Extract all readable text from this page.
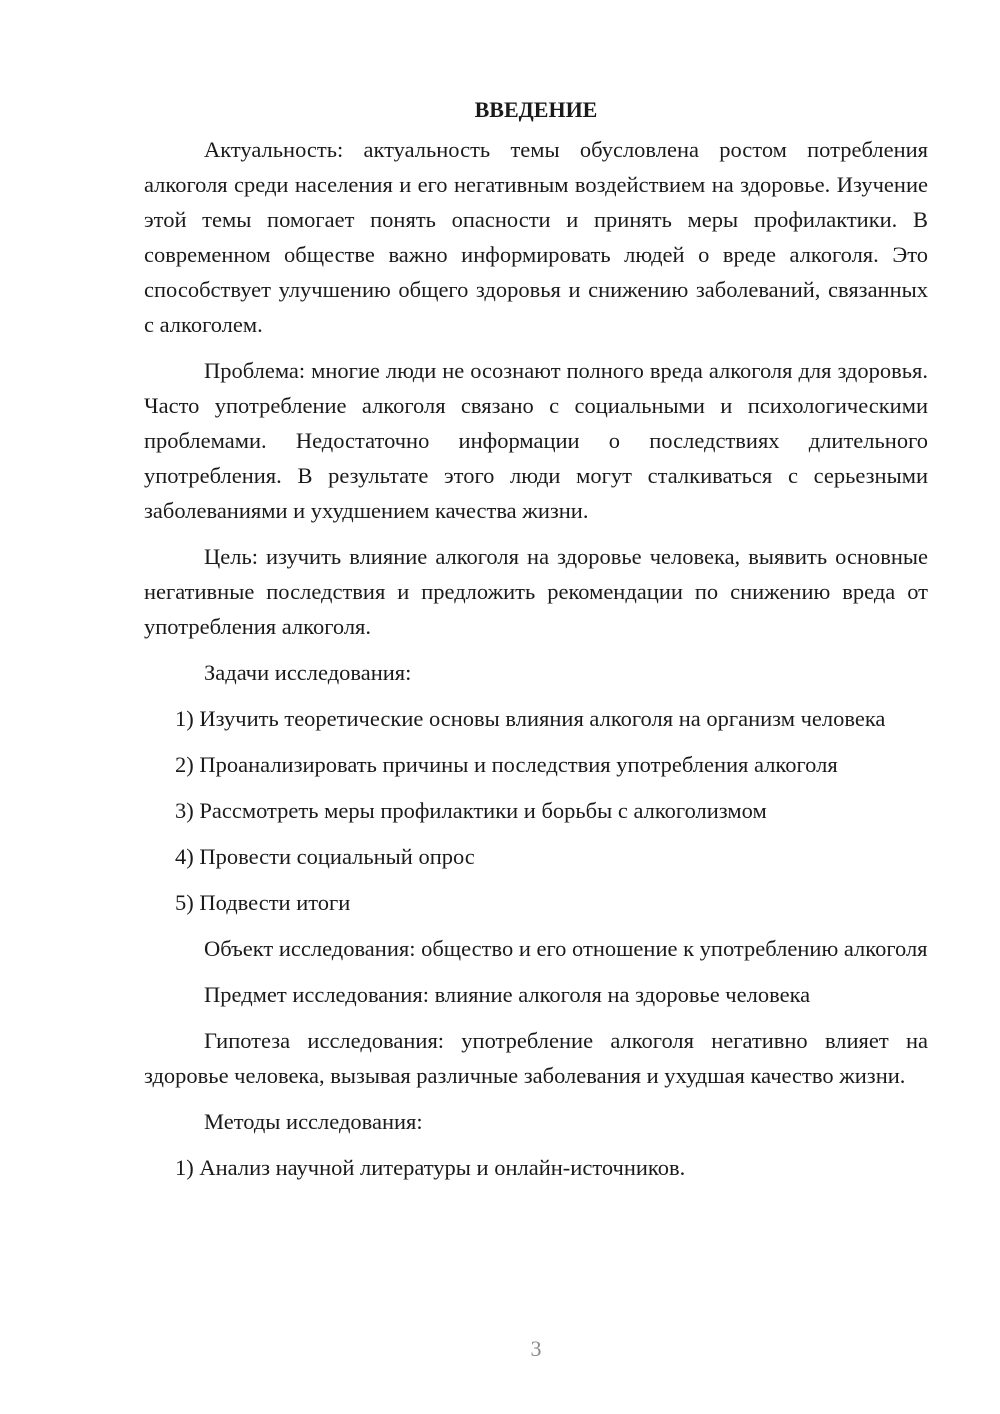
ВВЕДЕНИЕ

Актуальность: актуальность темы обусловлена ростом потребления алкоголя среди населения и его негативным воздействием на здоровье. Изучение этой темы помогает понять опасности и принять меры профилактики. В современном обществе важно информировать людей о вреде алкоголя. Это способствует улучшению общего здоровья и снижению заболеваний, связанных с алкоголем.

Проблема: многие люди не осознают полного вреда алкоголя для здоровья. Часто употребление алкоголя связано с социальными и психологическими проблемами. Недостаточно информации о последствиях длительного употребления. В результате этого люди могут сталкиваться с серьезными заболеваниями и ухудшением качества жизни.

Цель: изучить влияние алкоголя на здоровье человека, выявить основные негативные последствия и предложить рекомендации по снижению вреда от употребления алкоголя.

Задачи исследования:

1) Изучить теоретические основы влияния алкоголя на организм человека

2) Проанализировать причины и последствия употребления алкоголя

3) Рассмотреть меры профилактики и борьбы с алкоголизмом

4) Провести социальный опрос

5) Подвести итоги

Объект исследования: общество и его отношение к употреблению алкоголя

Предмет исследования: влияние алкоголя на здоровье человека

Гипотеза исследования: употребление алкоголя негативно влияет на здоровье человека, вызывая различные заболевания и ухудшая качество жизни.

Методы исследования:

1) Анализ научной литературы и онлайн-источников.

3
